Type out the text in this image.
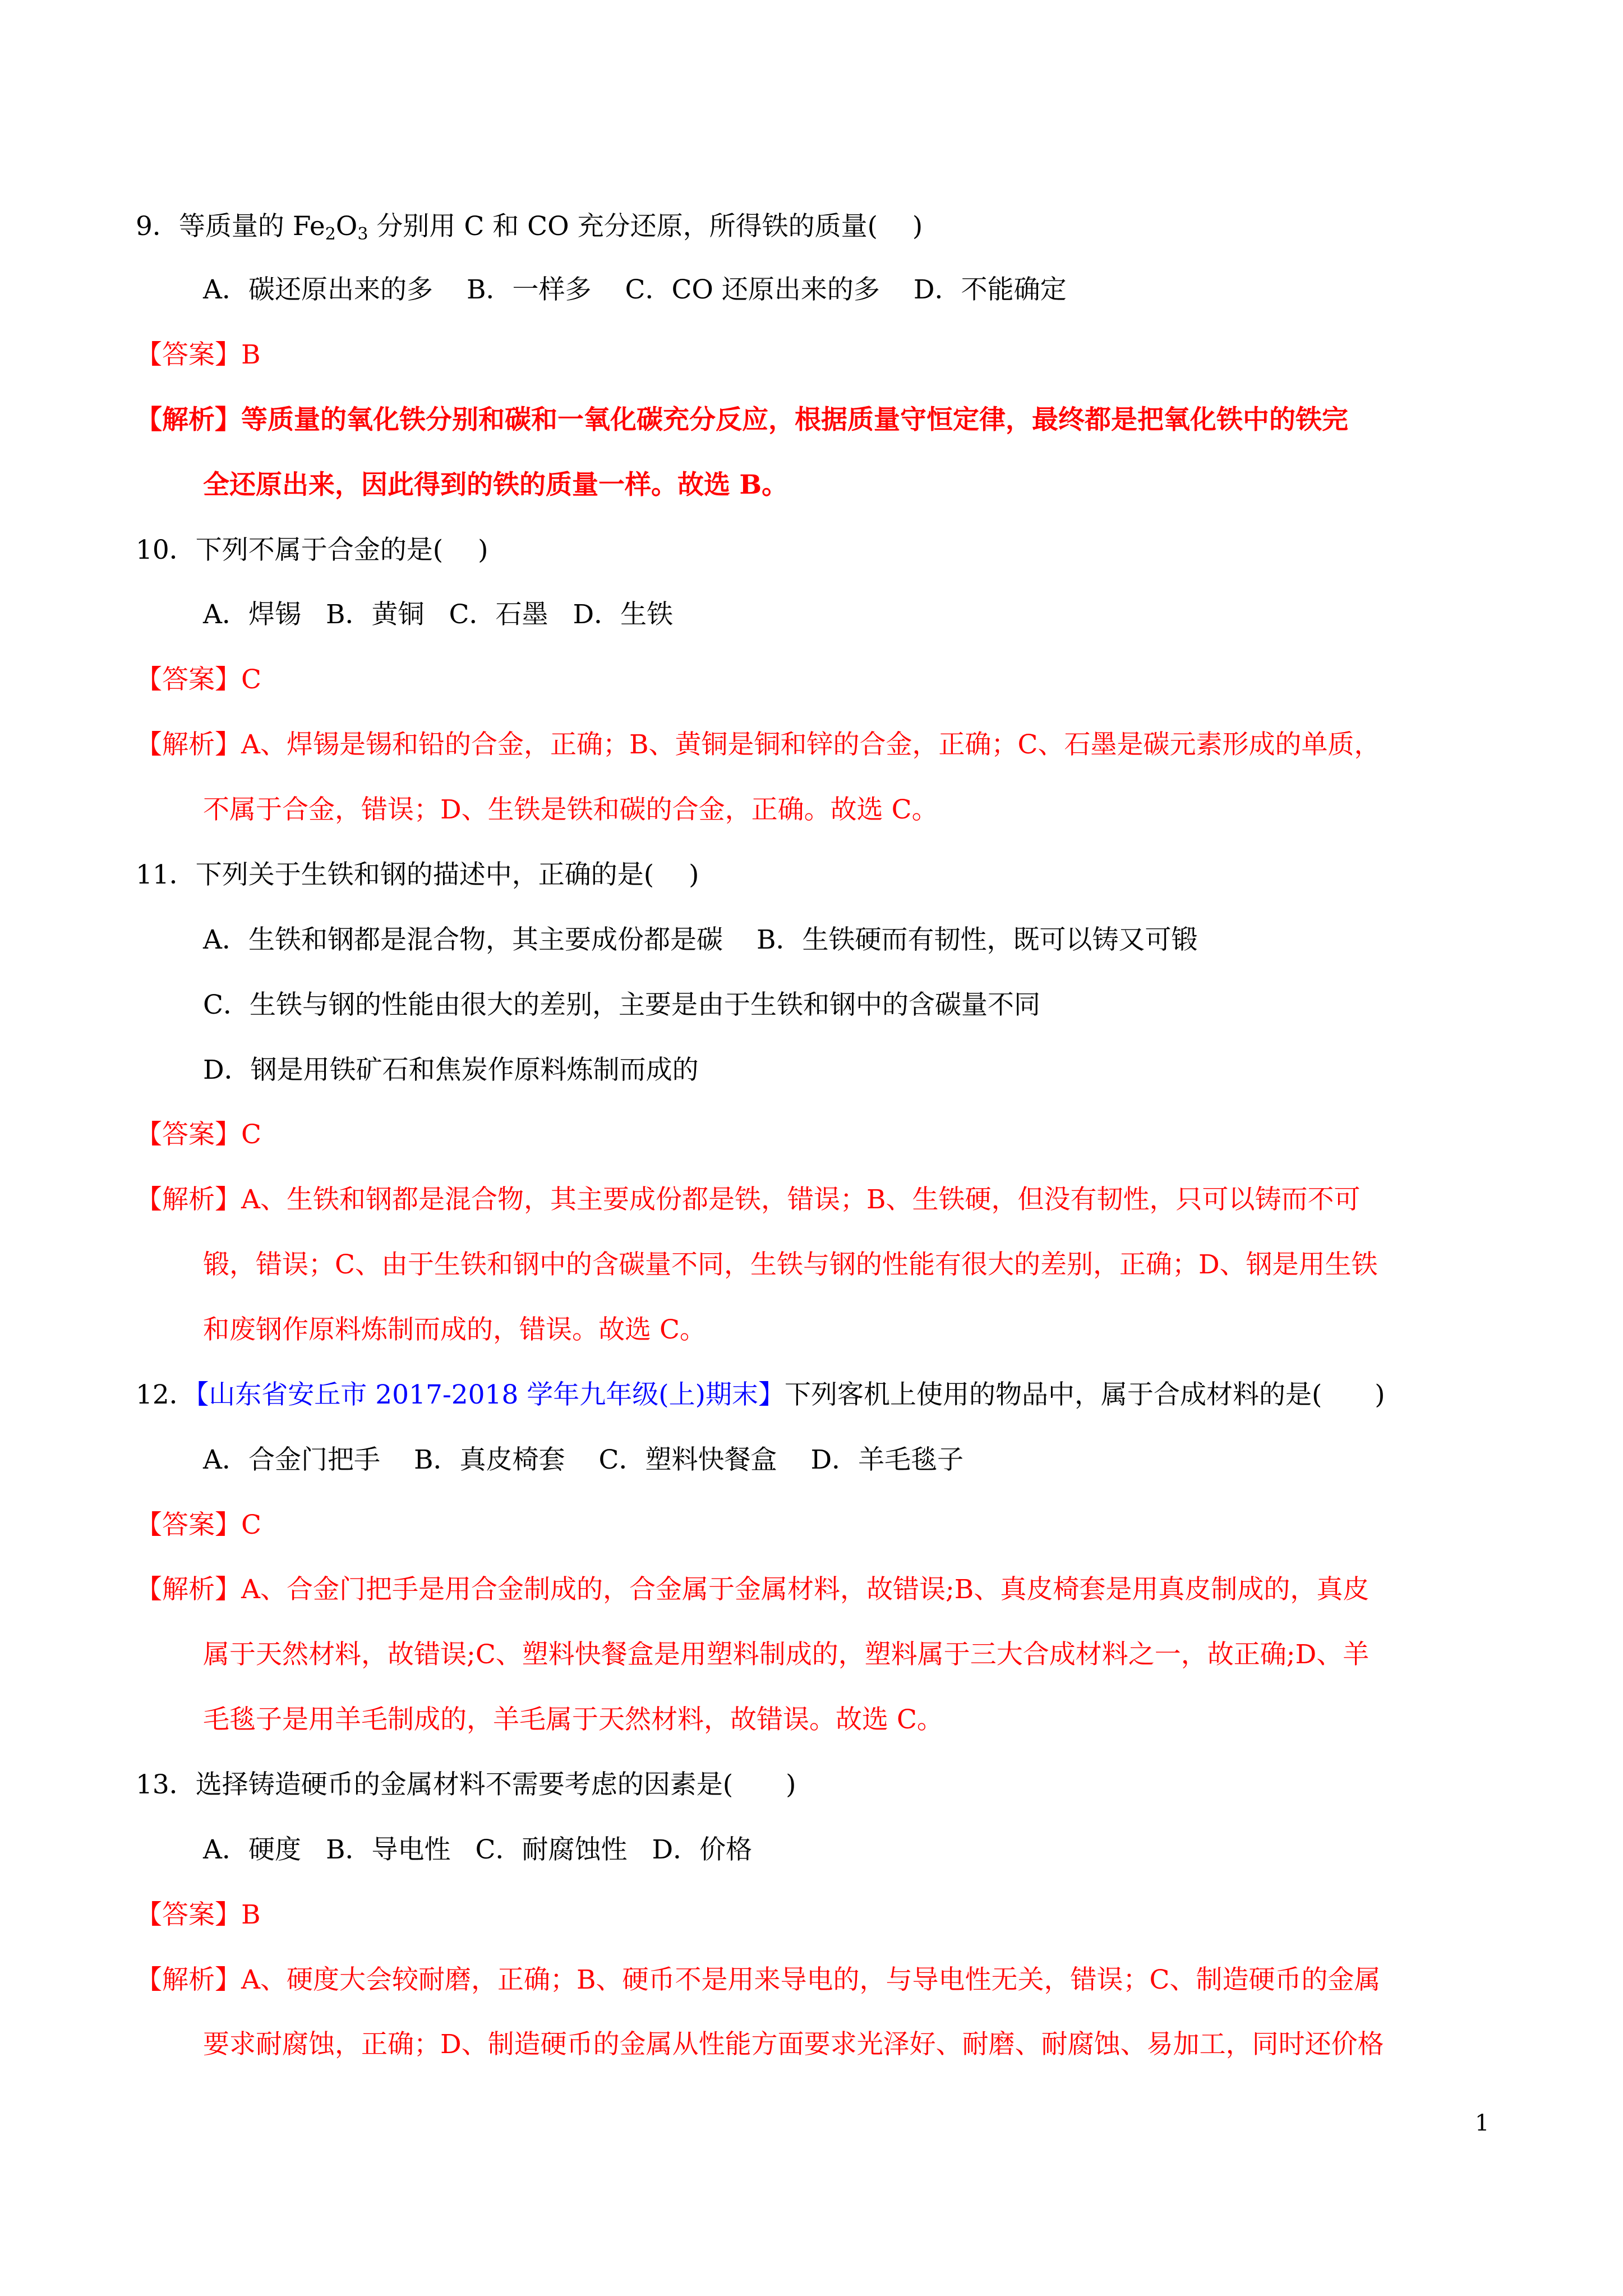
9．等质量的 $Fe_2O_3$ 分别用 C 和 CO 充分还原，所得铁的质量(　 )
A．碳还原出来的多 B．一样多 C．CO 还原出来的多 D．不能确定
【答案】B
【解析】等质量的氧化铁分别和碳和一氧化碳充分反应，根据质量守恒定律，最终都是把氧化铁中的铁完
全还原出来，因此得到的铁的质量一样。故选 B。
10．下列不属于合金的是(　 )
A．焊锡 B．黄铜 C．石墨 D．生铁
【答案】C
【解析】A、焊锡是锡和铅的合金，正确；B、黄铜是铜和锌的合金，正确；C、石墨是碳元素形成的单质，
不属于合金，错误；D、生铁是铁和碳的合金，正确。故选 C。
11．下列关于生铁和钢的描述中，正确的是(　 )
A．生铁和钢都是混合物，其主要成份都是碳 B．生铁硬而有韧性，既可以铸又可锻
C．生铁与钢的性能由很大的差别，主要是由于生铁和钢中的含碳量不同
D．钢是用铁矿石和焦炭作原料炼制而成的
【答案】C
【解析】A、生铁和钢都是混合物，其主要成份都是铁，错误；B、生铁硬，但没有韧性，只可以铸而不可
锻，错误；C、由于生铁和钢中的含碳量不同，生铁与钢的性能有很大的差别，正确；D、钢是用生铁
和废钢作原料炼制而成的，错误。故选 C。
12．【山东省安丘市 2017-2018 学年九年级(上)期末】下列客机上使用的物品中，属于合成材料的是(　　)
A．合金门把手 B．真皮椅套 C．塑料快餐盒 D．羊毛毯子
【答案】C
【解析】A、合金门把手是用合金制成的，合金属于金属材料，故错误;B、真皮椅套是用真皮制成的，真皮
属于天然材料，故错误;C、塑料快餐盒是用塑料制成的，塑料属于三大合成材料之一，故正确;D、羊
毛毯子是用羊毛制成的，羊毛属于天然材料，故错误。故选 C。
13．选择铸造硬币的金属材料不需要考虑的因素是(　　)
A．硬度 B．导电性 C．耐腐蚀性 D．价格
【答案】B
【解析】A、硬度大会较耐磨，正确；B、硬币不是用来导电的，与导电性无关，错误；C、制造硬币的金属
要求耐腐蚀，正确；D、制造硬币的金属从性能方面要求光泽好、耐磨、耐腐蚀、易加工，同时还价格
1
